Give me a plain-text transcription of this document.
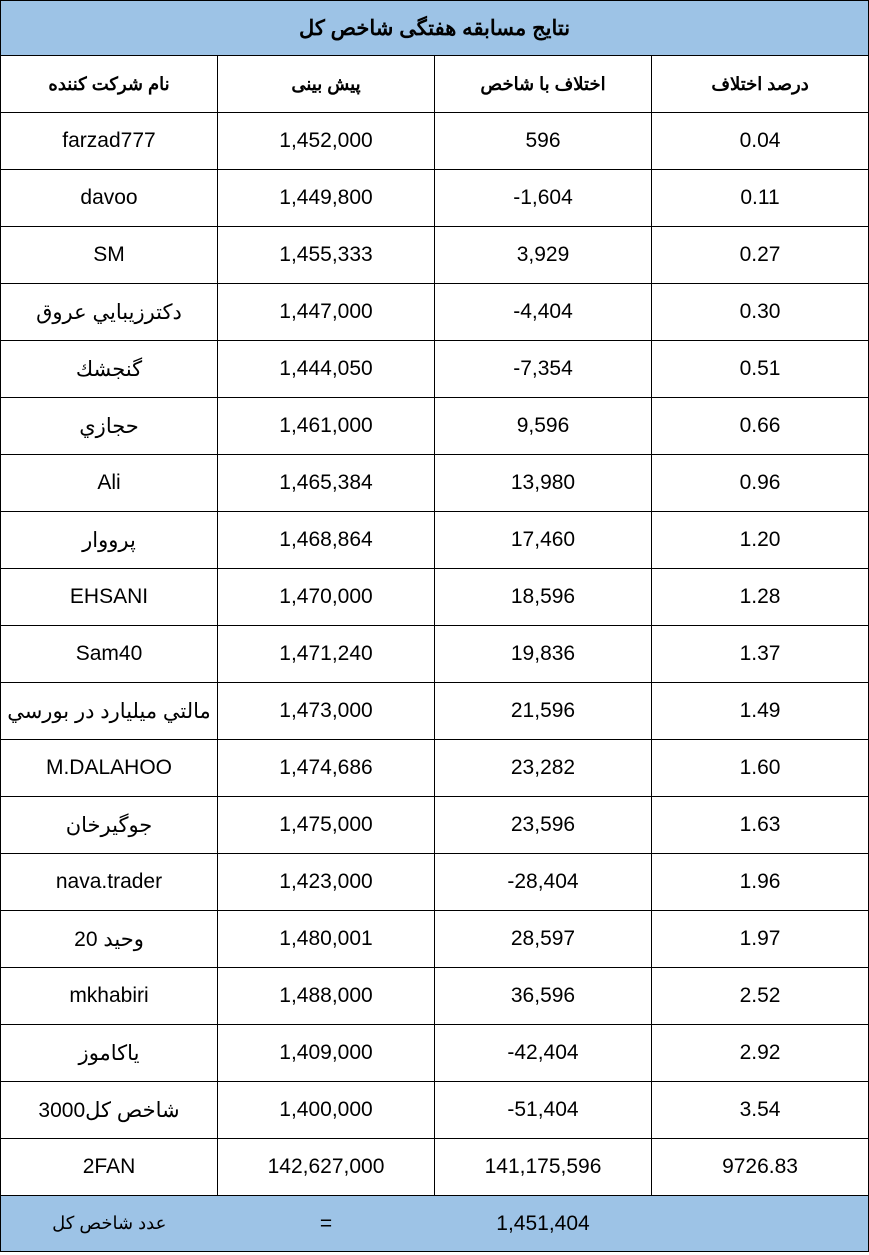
نتایج مسابقه هفتگی شاخص کل			
نام شرکت کننده	پیش بینی	اختلاف با شاخص	درصد اختلاف
farzad777	1,452,000	596	0.04
davoo	1,449,800	-1,604	0.11
SM	1,455,333	3,929	0.27
دكترزيبايي عروق	1,447,000	-4,404	0.30
گنجشك	1,444,050	-7,354	0.51
حجازي	1,461,000	9,596	0.66
Ali	1,465,384	13,980	0.96
پرووار	1,468,864	17,460	1.20
EHSANI	1,470,000	18,596	1.28
Sam40	1,471,240	19,836	1.37
مالتي ميليارد در بورسي	1,473,000	21,596	1.49
M.DALAHOO	1,474,686	23,282	1.60
جوگيرخان	1,475,000	23,596	1.63
nava.trader	1,423,000	-28,404	1.96
وحيد 20	1,480,001	28,597	1.97
mkhabiri	1,488,000	36,596	2.52
ياكاموز	1,409,000	-42,404	2.92
شاخص كل3000	1,400,000	-51,404	3.54
2FAN	142,627,000	141,175,596	9726.83
عدد شاخص کل	=	1,451,404	
